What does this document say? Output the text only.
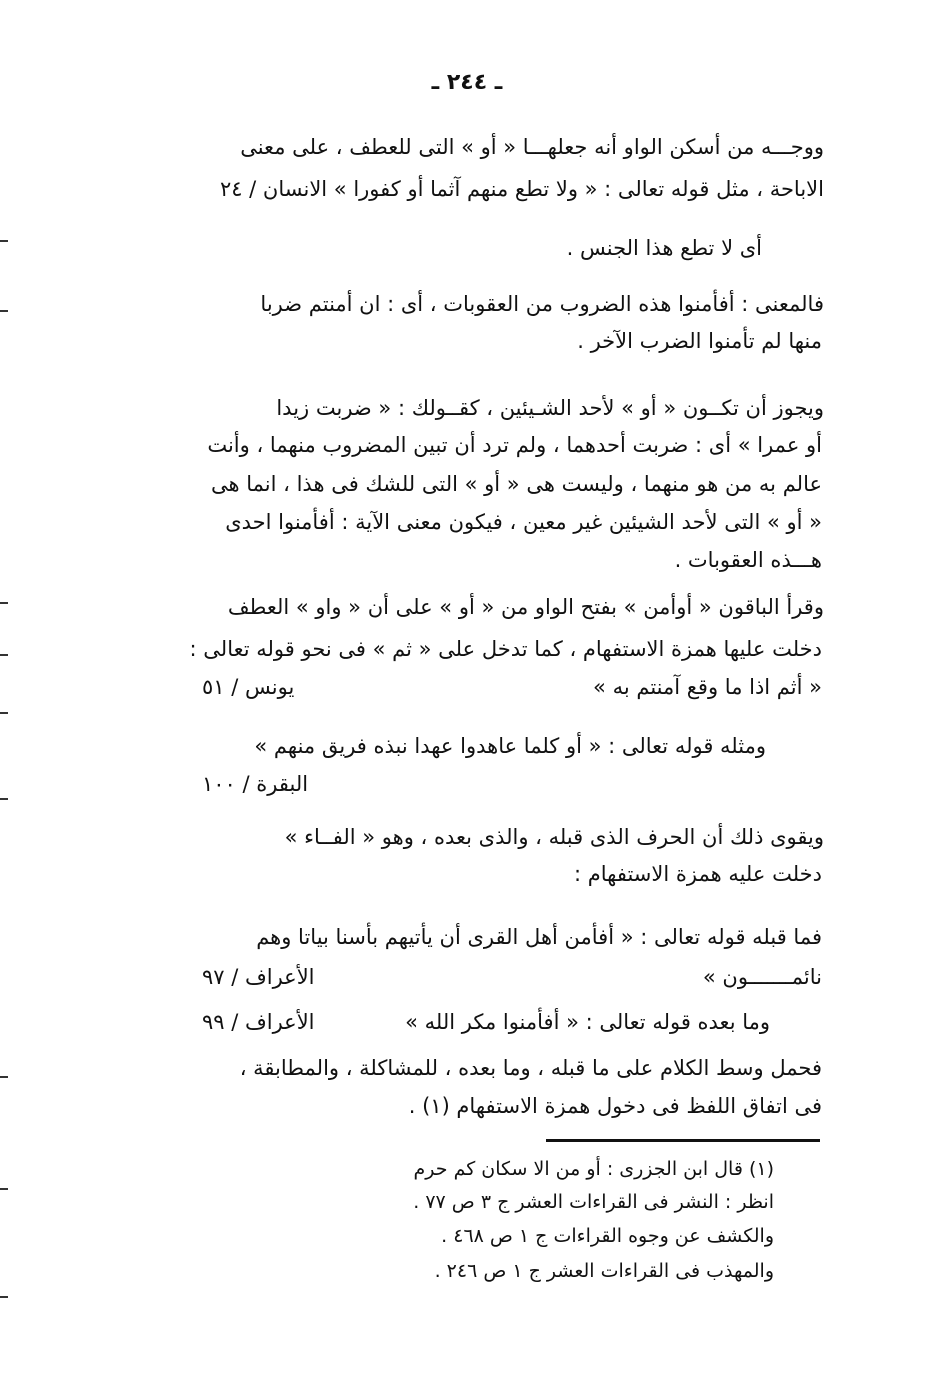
ـ ٢٤٤ ـ
ووجـــه من أسكن الواو أنه جعلهـــا « أو » التى للعطف ، على معنى
الاباحة ، مثل قوله تعالى : « ولا تطع منهم آثما أو كفورا » الانسان / ٢٤
أى لا تطع هذا الجنس .
فالمعنى : أفأمنوا هذه الضروب من العقوبات ، أى : ان أمنتم ضربا
منها لم تأمنوا الضرب الآخر .
ويجوز أن تكــون « أو » لأحد الشـيئين ، كقــولك : « ضربت زيدا
أو عمرا » أى : ضربت أحدهما ، ولم ترد أن تبين المضروب منهما ، وأنت
عالم به من هو منهما ، وليست هى « أو » التى للشك فى هذا ، انما هى
« أو » التى لأحد الشيئين غير معين ، فيكون معنى الآية : أفأمنوا احدى
هـــذه العقوبات .
وقرأ الباقون « أوأمن » بفتح الواو من « أو » على أن « واو » العطف
دخلت عليها همزة الاستفهام ، كما تدخل على « ثم » فى نحو قوله تعالى :
« أثم اذا ما وقع آمنتم به »
يونس / ٥١
ومثله قوله تعالى : « أو كلما عاهدوا عهدا نبذه فريق منهم »
البقرة / ١٠٠
ويقوى ذلك أن الحرف الذى قبله ، والذى بعده ، وهو « الفــاء »
دخلت عليه همزة الاستفهام :
فما قبله قوله تعالى : « أفأمن أهل القرى أن يأتيهم بأسنا بياتا وهم
نائمـــــــون »
الأعراف / ٩٧
وما بعده قوله تعالى : « أفأمنوا مكر الله »
الأعراف / ٩٩
فحمل وسط الكلام على ما قبله ، وما بعده ، للمشاكلة ، والمطابقة ،
فى اتفاق اللفظ فى دخول همزة الاستفهام (١) .
(١) قال ابن الجزرى : أو من الا سكان كم حرم
انظر : النشر فى القراءات العشر ج ٣ ص ٧٧ .
والكشف عن وجوه القراءات ج ١ ص ٤٦٨ .
والمهذب فى القراءات العشر ج ١ ص ٢٤٦ .
